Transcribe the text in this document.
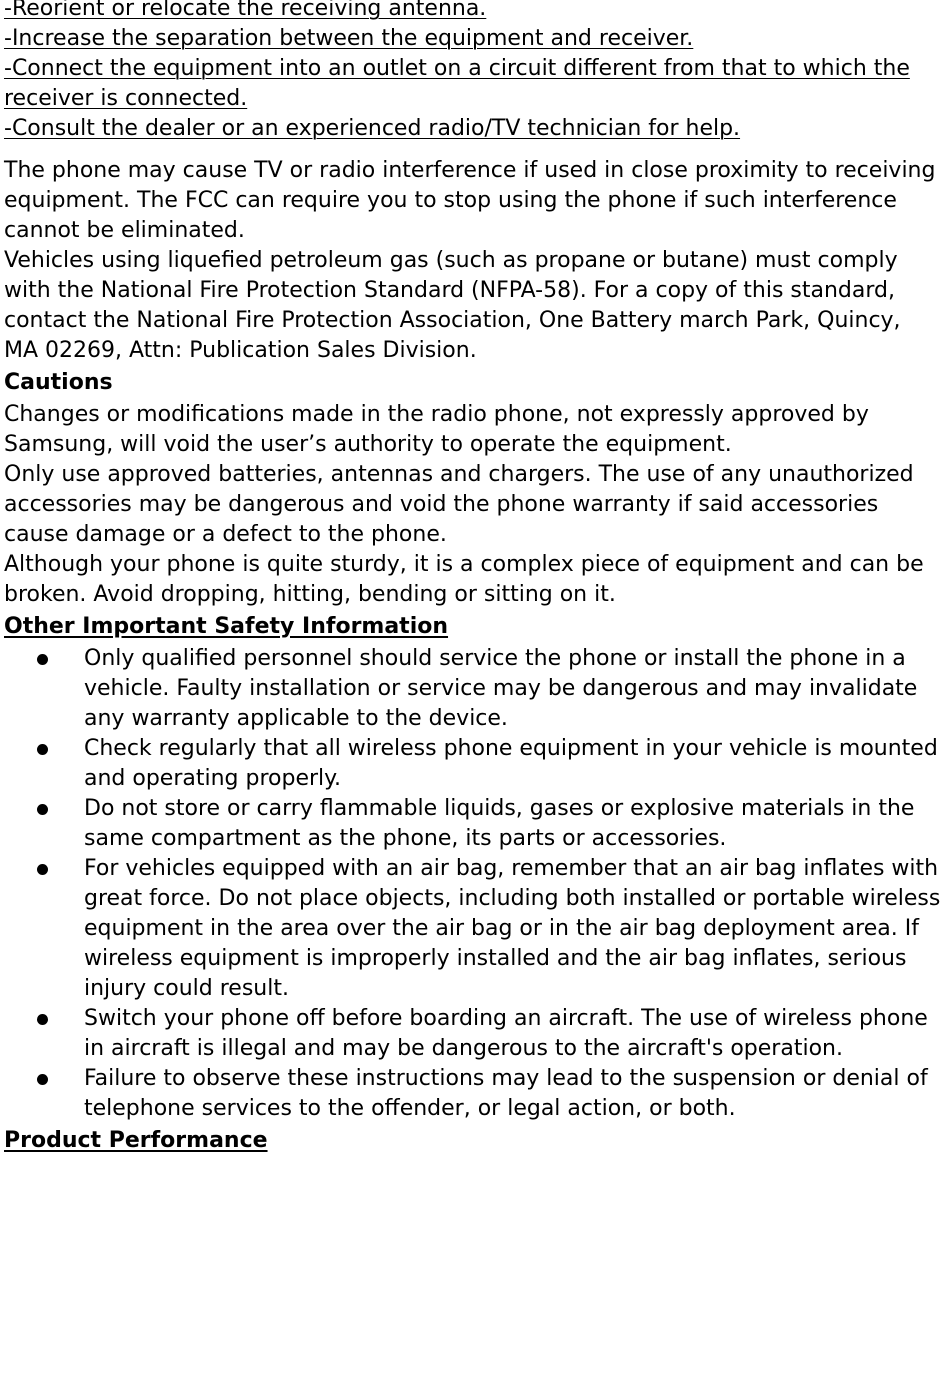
-Reorient or relocate the receiving antenna.

-Increase the separation between the equipment and receiver.

-Connect the equipment into an outlet on a circuit different from that to which the receiver is connected.

-Consult the dealer or an experienced radio/TV technician for help.

The phone may cause TV or radio interference if used in close proximity to receiving equipment. The FCC can require you to stop using the phone if such interference cannot be eliminated.

Vehicles using liquefied petroleum gas (such as propane or butane) must comply with the National Fire Protection Standard (NFPA-58). For a copy of this standard, contact the National Fire Protection Association, One Battery march Park, Quincy, MA 02269, Attn: Publication Sales Division.

Cautions

Changes or modifications made in the radio phone, not expressly approved by Samsung, will void the user’s authority to operate the equipment.

Only use approved batteries, antennas and chargers. The use of any unauthorized accessories may be dangerous and void the phone warranty if said accessories cause damage or a defect to the phone.

Although your phone is quite sturdy, it is a complex piece of equipment and can be broken. Avoid dropping, hitting, bending or sitting on it.

Other Important Safety Information
Only qualified personnel should service the phone or install the phone in a vehicle. Faulty installation or service may be dangerous and may invalidate any warranty applicable to the device.
Check regularly that all wireless phone equipment in your vehicle is mounted and operating properly.
Do not store or carry flammable liquids, gases or explosive materials in the same compartment as the phone, its parts or accessories.
For vehicles equipped with an air bag, remember that an air bag inflates with great force. Do not place objects, including both installed or portable wireless equipment in the area over the air bag or in the air bag deployment area. If wireless equipment is improperly installed and the air bag inflates, serious injury could result.
Switch your phone off before boarding an aircraft. The use of wireless phone in aircraft is illegal and may be dangerous to the aircraft's operation.
Failure to observe these instructions may lead to the suspension or denial of telephone services to the offender, or legal action, or both.
Product Performance
